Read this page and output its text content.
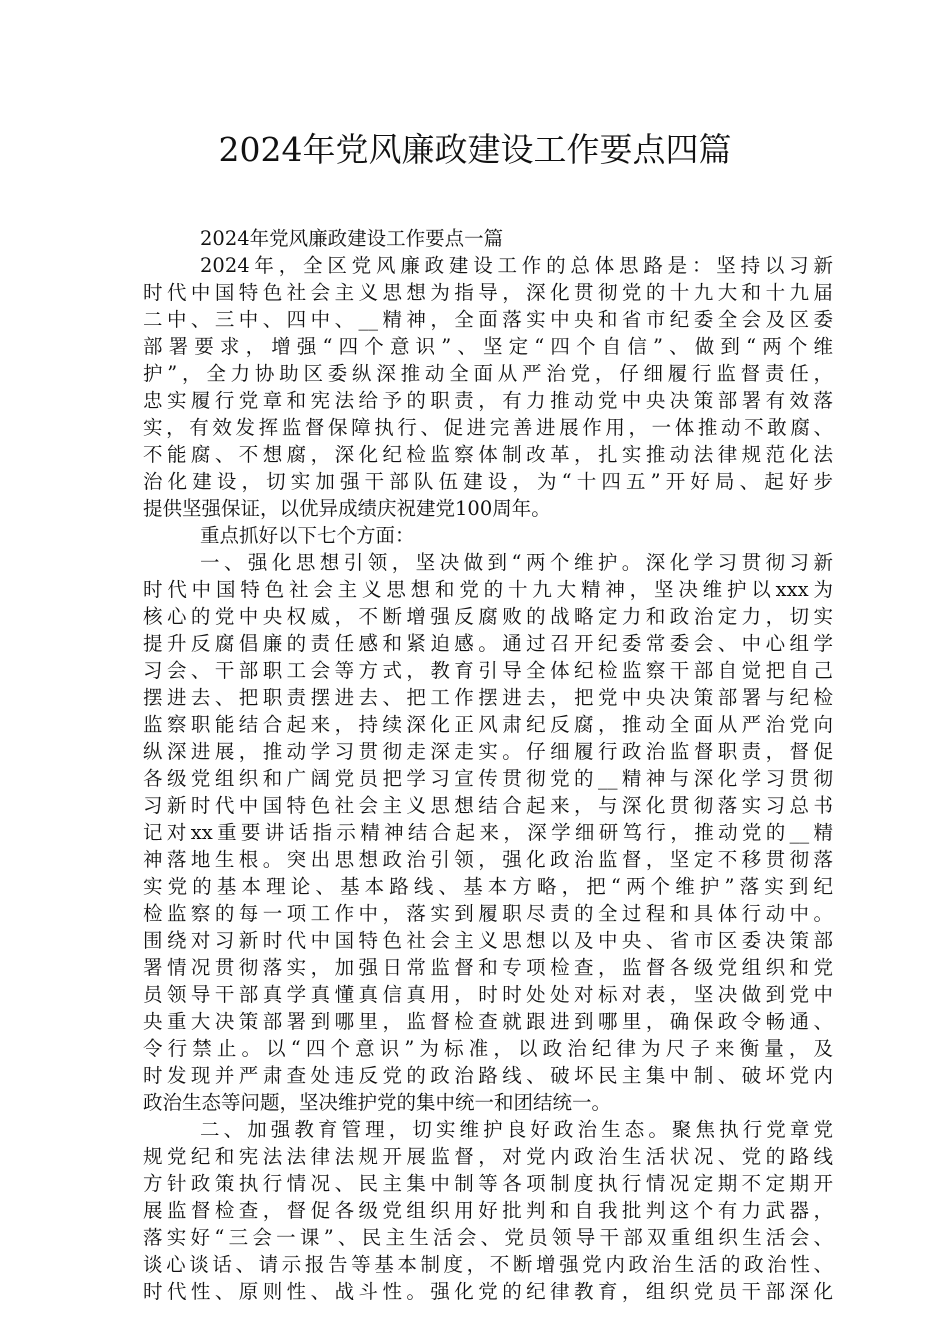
2024年党风廉政建设工作要点四篇
2024年党风廉政建设工作要点一篇
2024年，全区党风廉政建设工作的总体思路是：坚持以习新
时代中国特色社会主义思想为指导，深化贯彻党的十九大和十九届
二中、三中、四中、__精神，全面落实中央和省市纪委全会及区委
部署要求，增强“四个意识”、坚定“四个自信”、做到“两个维
护”，全力协助区委纵深推动全面从严治党，仔细履行监督责任，
忠实履行党章和宪法给予的职责，有力推动党中央决策部署有效落
实，有效发挥监督保障执行、促进完善进展作用，一体推动不敢腐、
不能腐、不想腐，深化纪检监察体制改革，扎实推动法律规范化法
治化建设，切实加强干部队伍建设，为“十四五”开好局、起好步
提供坚强保证，以优异成绩庆祝建党100周年。
重点抓好以下七个方面：
一、强化思想引领，坚决做到“两个维护。深化学习贯彻习新
时代中国特色社会主义思想和党的十九大精神，坚决维护以xxx为
核心的党中央权威，不断增强反腐败的战略定力和政治定力，切实
提升反腐倡廉的责任感和紧迫感。通过召开纪委常委会、中心组学
习会、干部职工会等方式，教育引导全体纪检监察干部自觉把自己
摆进去、把职责摆进去、把工作摆进去，把党中央决策部署与纪检
监察职能结合起来，持续深化正风肃纪反腐，推动全面从严治党向
纵深进展，推动学习贯彻走深走实。仔细履行政治监督职责，督促
各级党组织和广阔党员把学习宣传贯彻党的__精神与深化学习贯彻
习新时代中国特色社会主义思想结合起来，与深化贯彻落实习总书
记对xx重要讲话指示精神结合起来，深学细研笃行，推动党的__精
神落地生根。突出思想政治引领，强化政治监督，坚定不移贯彻落
实党的基本理论、基本路线、基本方略，把“两个维护”落实到纪
检监察的每一项工作中，落实到履职尽责的全过程和具体行动中。
围绕对习新时代中国特色社会主义思想以及中央、省市区委决策部
署情况贯彻落实，加强日常监督和专项检查，监督各级党组织和党
员领导干部真学真懂真信真用，时时处处对标对表，坚决做到党中
央重大决策部署到哪里，监督检查就跟进到哪里，确保政令畅通、
令行禁止。以“四个意识”为标准，以政治纪律为尺子来衡量，及
时发现并严肃查处违反党的政治路线、破坏民主集中制、破坏党内
政治生态等问题，坚决维护党的集中统一和团结统一。
二、加强教育管理，切实维护良好政治生态。聚焦执行党章党
规党纪和宪法法律法规开展监督，对党内政治生活状况、党的路线
方针政策执行情况、民主集中制等各项制度执行情况定期不定期开
展监督检查，督促各级党组织用好批判和自我批判这个有力武器，
落实好“三会一课”、民主生活会、党员领导干部双重组织生活会、
谈心谈话、请示报告等基本制度，不断增强党内政治生活的政治性、
时代性、原则性、战斗性。强化党的纪律教育，组织党员干部深化
